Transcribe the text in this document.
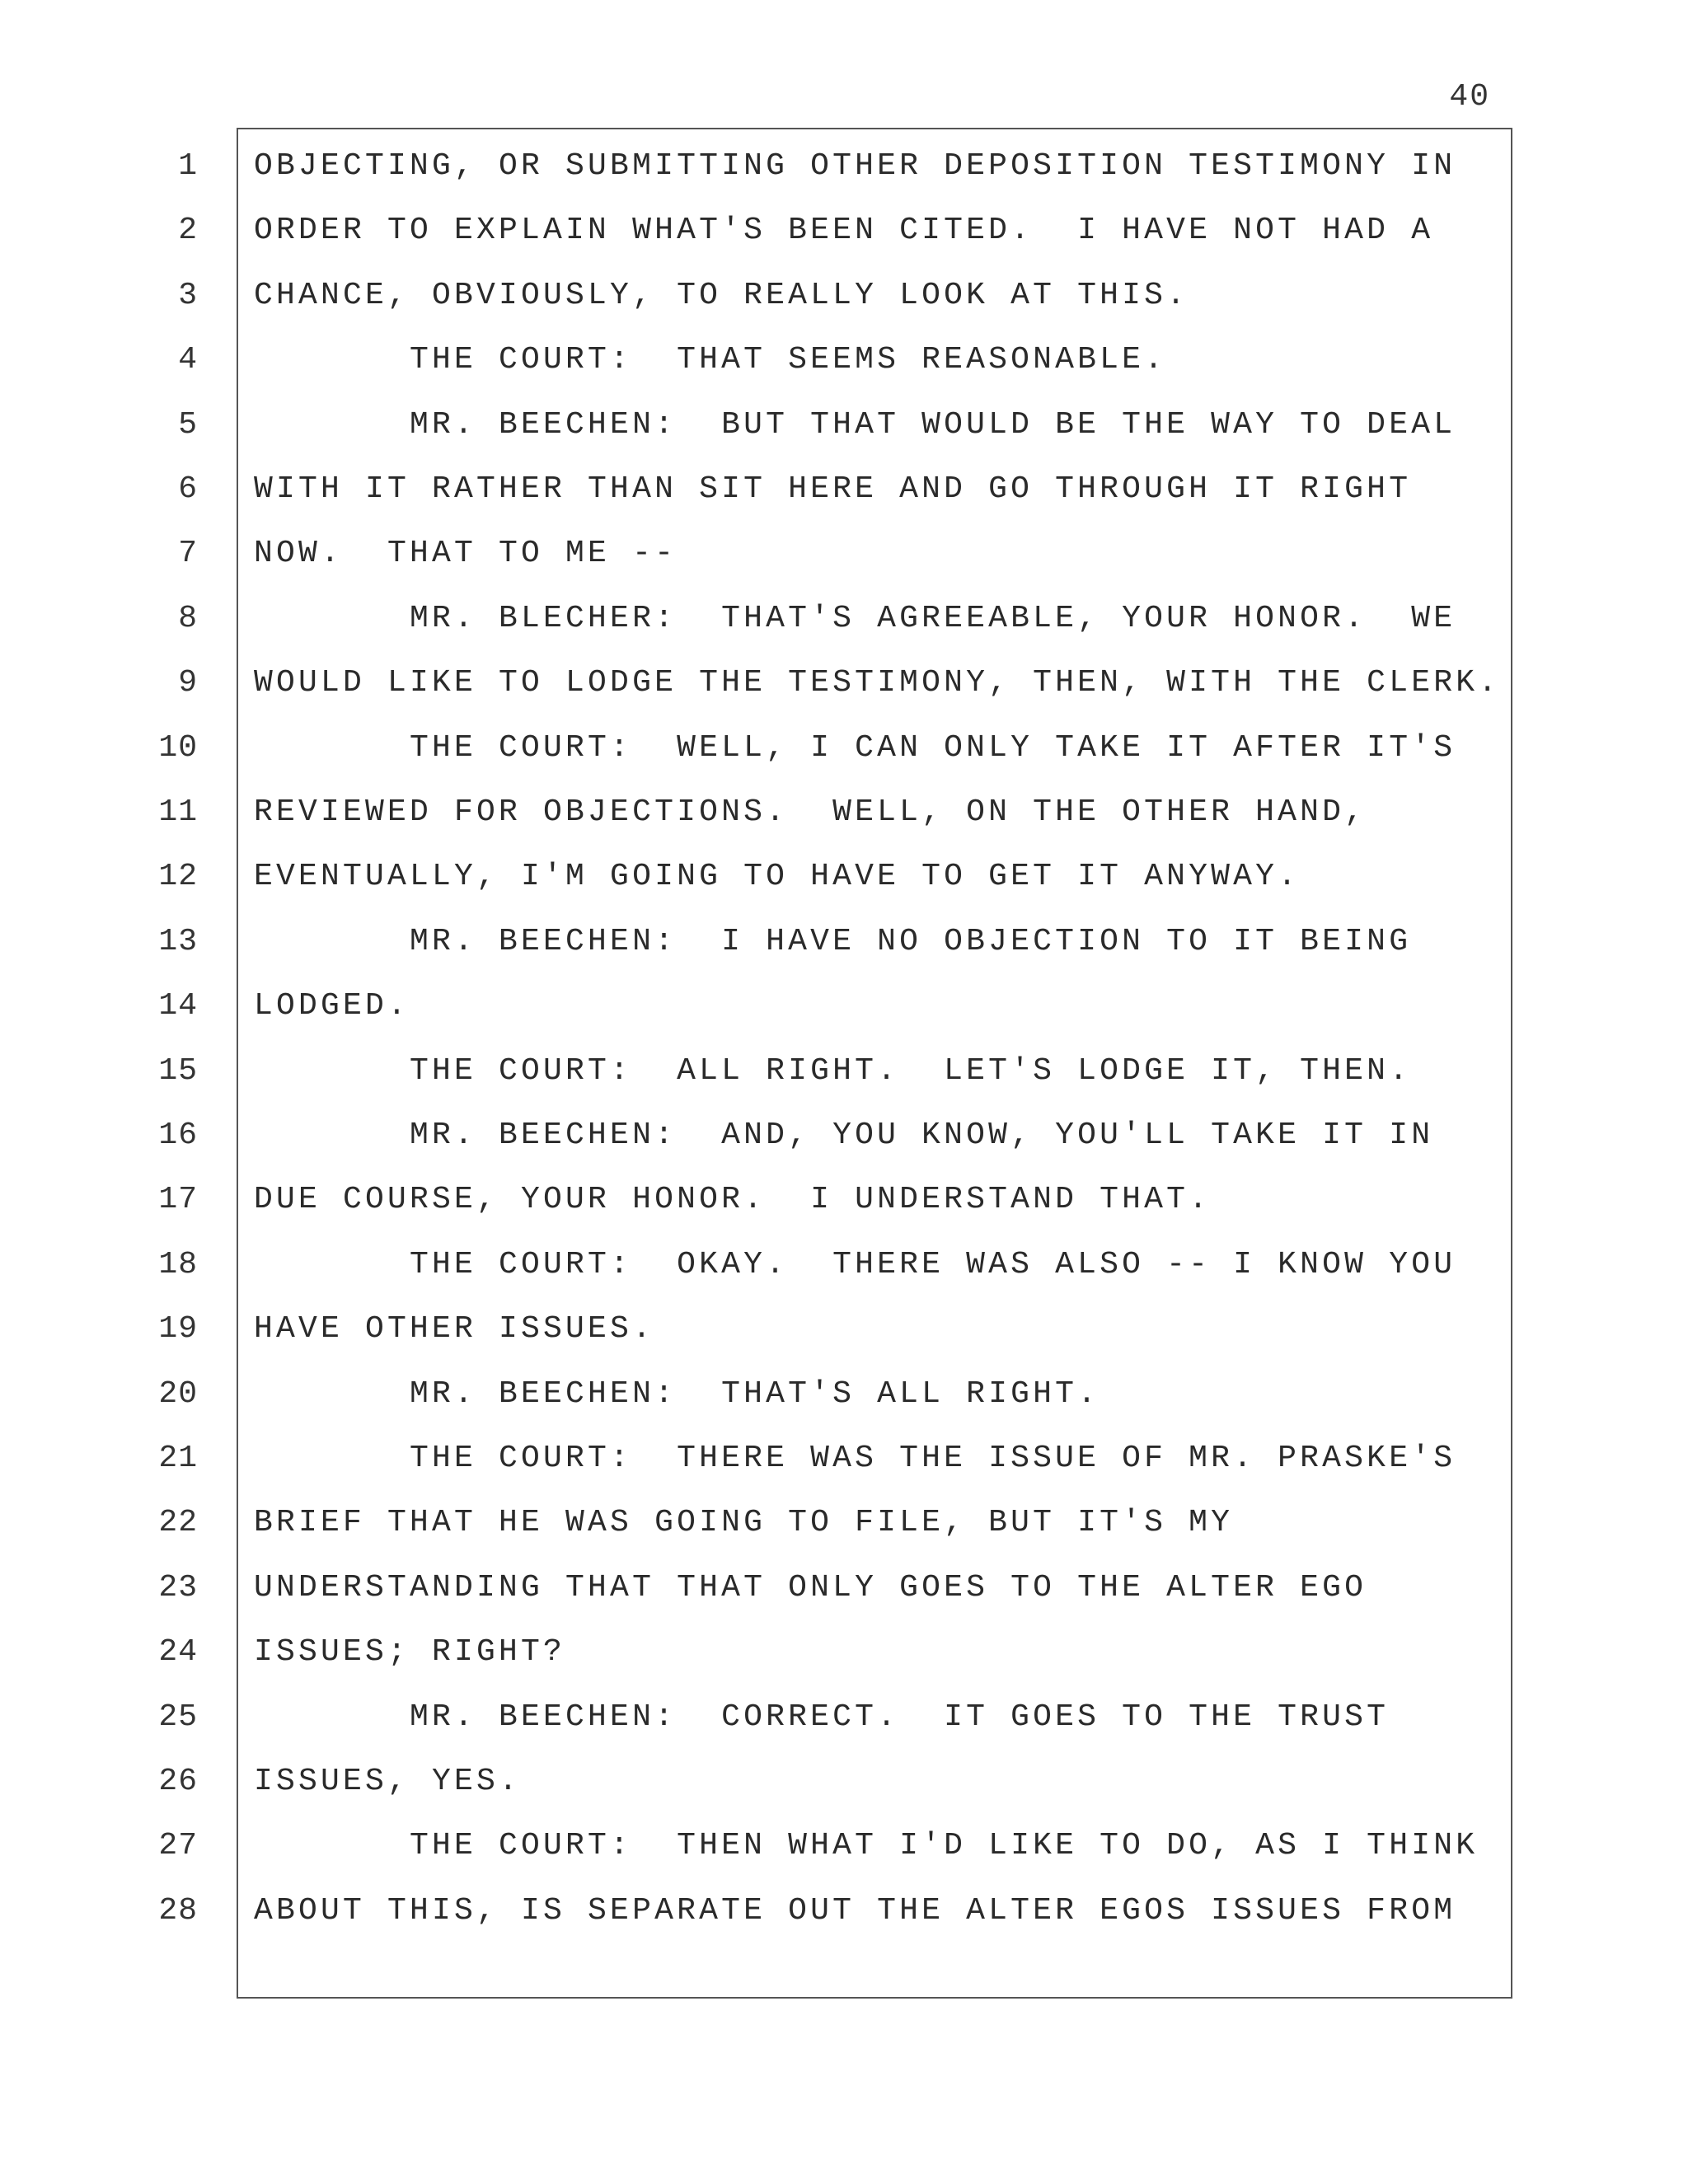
40
1 OBJECTING, OR SUBMITTING OTHER DEPOSITION TESTIMONY IN
2 ORDER TO EXPLAIN WHAT'S BEEN CITED.  I HAVE NOT HAD A
3 CHANCE, OBVIOUSLY, TO REALLY LOOK AT THIS.
4 THE COURT:  THAT SEEMS REASONABLE.
5 MR. BEECHEN:  BUT THAT WOULD BE THE WAY TO DEAL
6 WITH IT RATHER THAN SIT HERE AND GO THROUGH IT RIGHT
7 NOW.  THAT TO ME --
8 MR. BLECHER:  THAT'S AGREEABLE, YOUR HONOR.  WE
9 WOULD LIKE TO LODGE THE TESTIMONY, THEN, WITH THE CLERK.
10 THE COURT:  WELL, I CAN ONLY TAKE IT AFTER IT'S
11 REVIEWED FOR OBJECTIONS.  WELL, ON THE OTHER HAND,
12 EVENTUALLY, I'M GOING TO HAVE TO GET IT ANYWAY.
13 MR. BEECHEN:  I HAVE NO OBJECTION TO IT BEING
14 LODGED.
15 THE COURT:  ALL RIGHT.  LET'S LODGE IT, THEN.
16 MR. BEECHEN:  AND, YOU KNOW, YOU'LL TAKE IT IN
17 DUE COURSE, YOUR HONOR.  I UNDERSTAND THAT.
18 THE COURT:  OKAY.  THERE WAS ALSO -- I KNOW YOU
19 HAVE OTHER ISSUES.
20 MR. BEECHEN:  THAT'S ALL RIGHT.
21 THE COURT:  THERE WAS THE ISSUE OF MR. PRASKE'S
22 BRIEF THAT HE WAS GOING TO FILE, BUT IT'S MY
23 UNDERSTANDING THAT THAT ONLY GOES TO THE ALTER EGO
24 ISSUES; RIGHT?
25 MR. BEECHEN:  CORRECT.  IT GOES TO THE TRUST
26 ISSUES, YES.
27 THE COURT:  THEN WHAT I'D LIKE TO DO, AS I THINK
28 ABOUT THIS, IS SEPARATE OUT THE ALTER EGOS ISSUES FROM
